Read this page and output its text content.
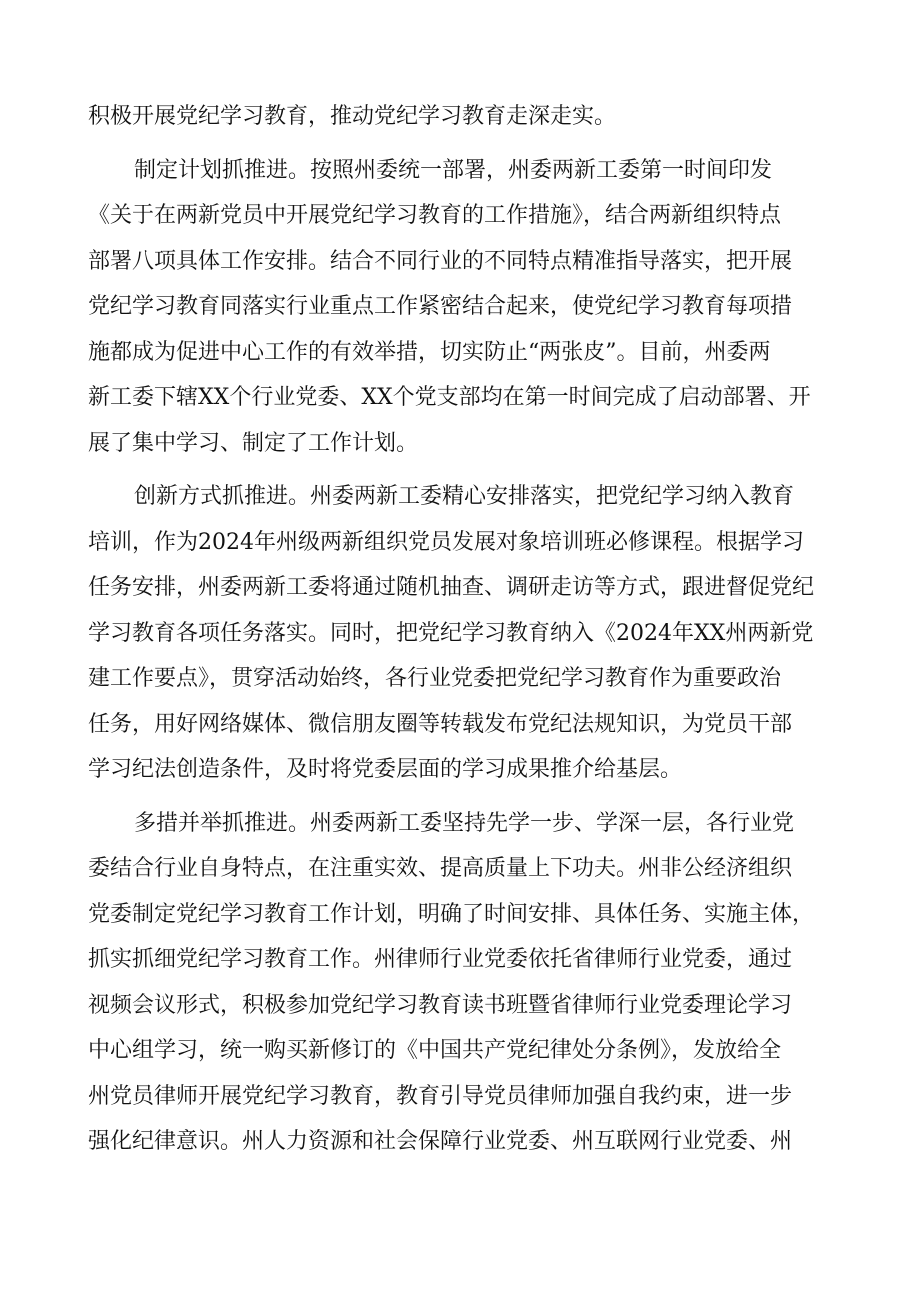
积极开展党纪学习教育，推动党纪学习教育走深走实。
制定计划抓推进。按照州委统一部署，州委两新工委第一时间印发
《关于在两新党员中开展党纪学习教育的工作措施》，结合两新组织特点
部署八项具体工作安排。结合不同行业的不同特点精准指导落实，把开展
党纪学习教育同落实行业重点工作紧密结合起来，使党纪学习教育每项措
施都成为促进中心工作的有效举措，切实防止“两张皮”。目前，州委两
新工委下辖XX个行业党委、XX个党支部均在第一时间完成了启动部署、开
展了集中学习、制定了工作计划。
创新方式抓推进。州委两新工委精心安排落实，把党纪学习纳入教育
培训，作为2024年州级两新组织党员发展对象培训班必修课程。根据学习
任务安排，州委两新工委将通过随机抽查、调研走访等方式，跟进督促党纪
学习教育各项任务落实。同时，把党纪学习教育纳入《2024年XX州两新党
建工作要点》，贯穿活动始终，各行业党委把党纪学习教育作为重要政治
任务，用好网络媒体、微信朋友圈等转载发布党纪法规知识，为党员干部
学习纪法创造条件，及时将党委层面的学习成果推介给基层。
多措并举抓推进。州委两新工委坚持先学一步、学深一层，各行业党
委结合行业自身特点，在注重实效、提高质量上下功夫。州非公经济组织
党委制定党纪学习教育工作计划，明确了时间安排、具体任务、实施主体，
抓实抓细党纪学习教育工作。州律师行业党委依托省律师行业党委，通过
视频会议形式，积极参加党纪学习教育读书班暨省律师行业党委理论学习
中心组学习，统一购买新修订的《中国共产党纪律处分条例》，发放给全
州党员律师开展党纪学习教育，教育引导党员律师加强自我约束，进一步
强化纪律意识。州人力资源和社会保障行业党委、州互联网行业党委、州
